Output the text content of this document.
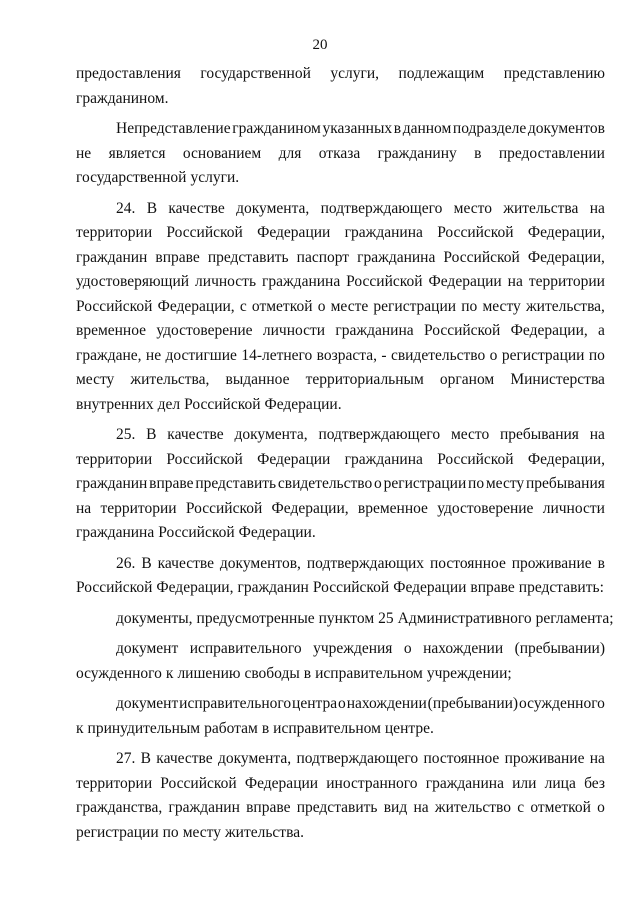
20
предоставления государственной услуги, подлежащим представлению
гражданином.
Непредставление гражданином указанных в данном подразделе документов
не является основанием для отказа гражданину в предоставлении
государственной услуги.
24. В качестве документа, подтверждающего место жительства на
территории Российской Федерации гражданина Российской Федерации,
гражданин вправе представить паспорт гражданина Российской Федерации,
удостоверяющий личность гражданина Российской Федерации на территории
Российской Федерации, с отметкой о месте регистрации по месту жительства,
временное удостоверение личности гражданина Российской Федерации, а
граждане, не достигшие 14-летнего возраста, - свидетельство о регистрации по
месту жительства, выданное территориальным органом Министерства
внутренних дел Российской Федерации.
25. В качестве документа, подтверждающего место пребывания на
территории Российской Федерации гражданина Российской Федерации,
гражданин вправе представить свидетельство о регистрации по месту пребывания
на территории Российской Федерации, временное удостоверение личности
гражданина Российской Федерации.
26. В качестве документов, подтверждающих постоянное проживание в
Российской Федерации, гражданин Российской Федерации вправе представить:
документы, предусмотренные пунктом 25 Административного регламента;
документ исправительного учреждения о нахождении (пребывании)
осужденного к лишению свободы в исправительном учреждении;
документ исправительного центра о нахождении (пребывании) осужденного
к принудительным работам в исправительном центре.
27. В качестве документа, подтверждающего постоянное проживание на
территории Российской Федерации иностранного гражданина или лица без
гражданства, гражданин вправе представить вид на жительство с отметкой о
регистрации по месту жительства.
